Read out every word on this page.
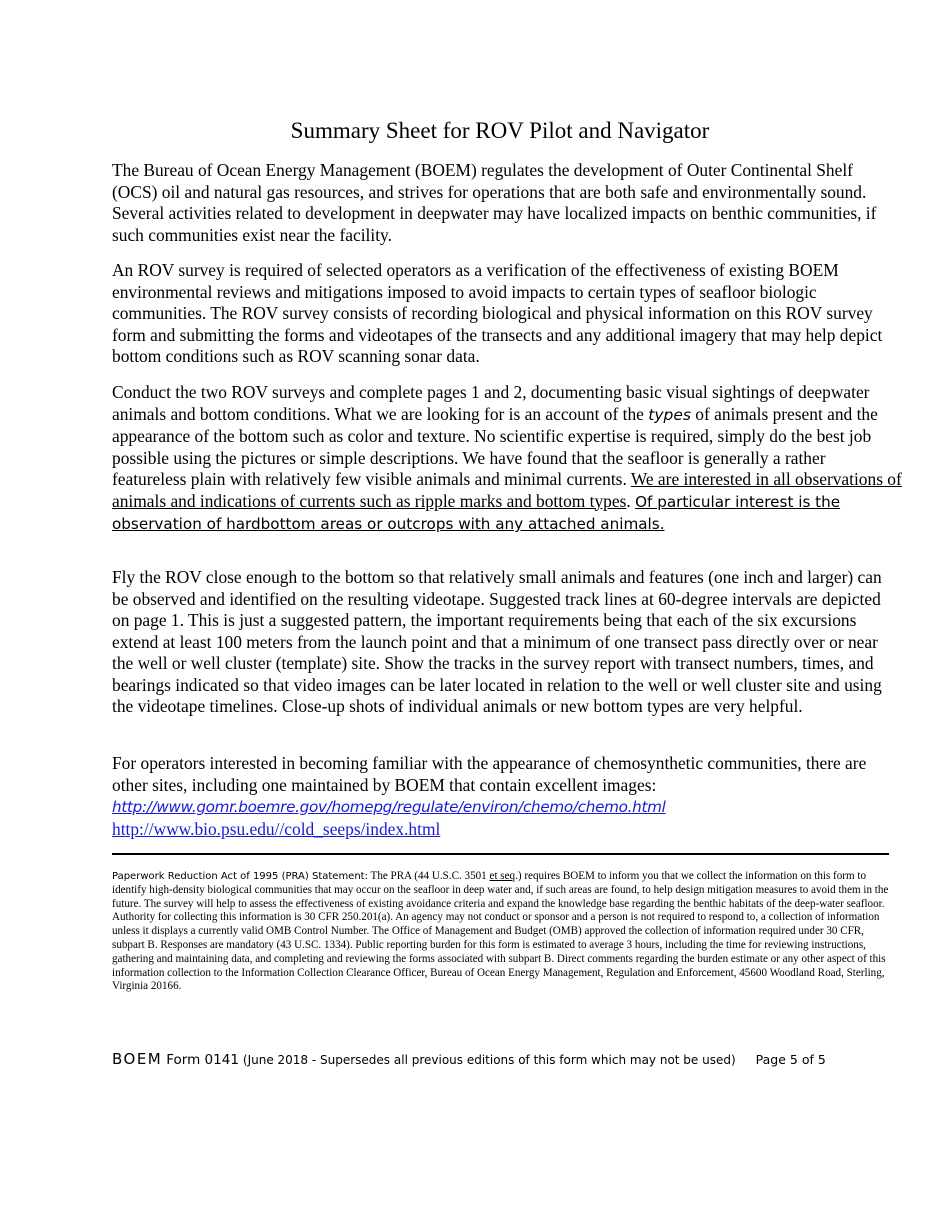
Summary Sheet for ROV Pilot and Navigator

The Bureau of Ocean Energy Management (BOEM) regulates the development of Outer Continental Shelf (OCS) oil and natural gas resources, and strives for operations that are both safe and environmentally sound. Several activities related to development in deepwater may have localized impacts on benthic communities, if such communities exist near the facility.

An ROV survey is required of selected operators as a verification of the effectiveness of existing BOEM environmental reviews and mitigations imposed to avoid impacts to certain types of seafloor biologic communities. The ROV survey consists of recording biological and physical information on this ROV survey form and submitting the forms and videotapes of the transects and any additional imagery that may help depict bottom conditions such as ROV scanning sonar data.

Conduct the two ROV surveys and complete pages 1 and 2, documenting basic visual sightings of deepwater animals and bottom conditions. What we are looking for is an account of the types of animals present and the appearance of the bottom such as color and texture. No scientific expertise is required, simply do the best job possible using the pictures or simple descriptions. We have found that the seafloor is generally a rather featureless plain with relatively few visible animals and minimal currents. We are interested in all observations of animals and indications of currents such as ripple marks and bottom types. Of particular interest is the observation of hardbottom areas or outcrops with any attached animals.

Fly the ROV close enough to the bottom so that relatively small animals and features (one inch and larger) can be observed and identified on the resulting videotape. Suggested track lines at 60-degree intervals are depicted on page 1. This is just a suggested pattern, the important requirements being that each of the six excursions extend at least 100 meters from the launch point and that a minimum of one transect pass directly over or near the well or well cluster (template) site. Show the tracks in the survey report with transect numbers, times, and bearings indicated so that video images can be later located in relation to the well or well cluster site and using the videotape timelines. Close-up shots of individual animals or new bottom types are very helpful.

For operators interested in becoming familiar with the appearance of chemosynthetic communities, there are other sites, including one maintained by BOEM that contain excellent images:
http://www.gomr.boemre.gov/homepg/regulate/environ/chemo/chemo.html
http://www.bio.psu.edu//cold_seeps/index.html

Paperwork Reduction Act of 1995 (PRA) Statement: The PRA (44 U.S.C. 3501 et seq.) requires BOEM to inform you that we collect the information on this form to identify high-density biological communities that may occur on the seafloor in deep water and, if such areas are found, to help design mitigation measures to avoid them in the future. The survey will help to assess the effectiveness of existing avoidance criteria and expand the knowledge base regarding the benthic habitats of the deep-water seafloor. Authority for collecting this information is 30 CFR 250.201(a). An agency may not conduct or sponsor and a person is not required to respond to, a collection of information unless it displays a currently valid OMB Control Number. The Office of Management and Budget (OMB) approved the collection of information required under 30 CFR, subpart B. Responses are mandatory (43 U.SC. 1334). Public reporting burden for this form is estimated to average 3 hours, including the time for reviewing instructions, gathering and maintaining data, and completing and reviewing the forms associated with subpart B. Direct comments regarding the burden estimate or any other aspect of this information collection to the Information Collection Clearance Officer, Bureau of Ocean Energy Management, Regulation and Enforcement, 45600 Woodland Road, Sterling, Virginia 20166.
BOEM Form 0141 (June 2018 - Supersedes all previous editions of this form which may not be used) Page 5 of 5
